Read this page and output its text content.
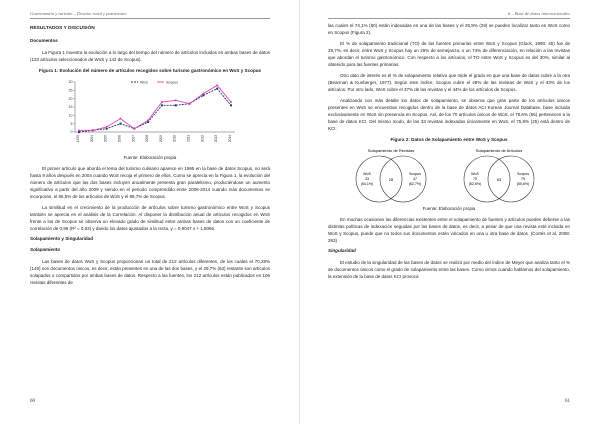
Gastronomía y turismo – Destino rural y patrimonio
RESULTADOS Y DISCUSIÓN
Documentos

La Figura 1 muestra la evolución a lo largo del tiempo del número de artículos incluidos en ambas bases de datos (133 artículos seleccionados de WoS y 142 de Scopus).

Figura 1: Evolución del número de artículos recogidos sobre turismo gastronómico en WoS y Scopus
0
5
10
15
20
25
30
1995	2004	2005	2006	2007	2008	2009	2010	2011	2012	2013	2014
WoS	Scopus
Fuente: Elaboración propia

El primer artículo que aborda el tema del turismo culinario aparece en 1995 en la base de datos Scopus, no será hasta 9 años después en 2004 cuando WoS recoja el primero de ellos. Como se aprecia en la Figura 1, la evolución del número de artículos que las dos bases incluyen anualmente presenta gran paralelismo, produciéndose un aumento significativo a partir del año 2009 y siendo en el periodo comprendido entre 2008-2014 cuando más documentos se incorporan, el 85,5% de los artículos de WoS y el 88,7% de Scopus.

La similitud en el crecimiento de la producción de artículos sobre turismo gastronómico entre WoS y Scopus también se aprecia en el análisis de la Correlación. Al disponer la distribución anual de artículos recogidos en WoS frente a los de Scopus se observa un elevado grado de similitud entre ambas bases de datos con un coeficiente de correlación de 0,96 (R² = 0,93) y dando los datos ajustados a la recta, y = 0,9047 x + 1,8066.

Solapamiento y Singularidad
Solapamiento

Las bases de datos WoS y Scopus proporcionan un total de 212 artículos diferentes, de los cuales el 70,28% (149) son documentos únicos, es decir, están presentes en una de las dos bases, y el 29,7% (63) restante son artículos solapados o compartidos por ambas bases de datos. Respecto a las fuentes, los 212 artículos están publicados en 106 revistas diferentes de

60
6 – Base de datos internacionales

las cuales el 74,1% (80) están indexadas en una de las bases y el 25,9% (28) se pueden localizar tanto en WoS como en Scopus (Figura 2).

El % de solapamiento tradicional (TO) de las fuentes primarias entre WoS y Scopus (Gluck, 1990: 45) fue de 29,7%, es decir, entre WoS y Scopus hay un 29% de semejanza, o un 74% de diferenciación, en relación a las revistas que abordan el turismo gastronómico. Con respecto a los artículos, el TO entre WoS y Scopus es del 30%, similar al obtenido para las fuentes primarias.

Otro dato de interés es el % de solapamiento relativo que mide el grado en que una base de datos cubre a la otra (Bearman & Kunberger, 1977). Según este índice, Scopus cubre el 48% de las revistas de WoS y el 43% de los artículos. Por otro lado, WoS cubre el 37% de las revistas y el 44% de los artículos de Scopus.

Analizando con más detalle los datos de solapamiento, se observa que gran parte de los artículos únicos presentes en WoS se encuentran recogidos dentro de la base de datos ACI Korean Journal Database, base incluida exclusivamente en WoS sin presencia en Scopus. Así, de los 70 artículos únicos de WoS, el 78,6% (55) pertenecen a la base de datos KCI. Del mismo modo, de las 33 revistas indexadas únicamente en WoS, el 75,8% (25) está dentro de KCI.

Figura 2: Datos de Solapamiento entre WoS y Scopus
Solapamiento de Revistas
WoS
33
(54,1%)
28
Scopus
47
(62,7%)
Solapamiento de Artículos
WoS
70
(52,6%)
63
Scopus
79
(55,6%)
Fuente: Elaboración propia

En muchas ocasiones las diferencias existentes entre el solapamiento de fuentes y artículos pueden deberse a las distintas políticas de indexación seguidas por las bases de datos, es decir, a pesar de que una revista esté incluida en WoS y Scopus, puede que no todos sus documentos estén volcados en una u otra base de datos. (Cortés et al, 2008: 263)

Singularidad

El estudio de la singularidad de las bases de datos se realizó por medio del índice de Meyer que analiza tanto el % de documentos únicos como el grado de solapamiento entre las bases. Como vimos cuando hablamos del solapamiento, la extensión de la base de datos KCI provoca

61
